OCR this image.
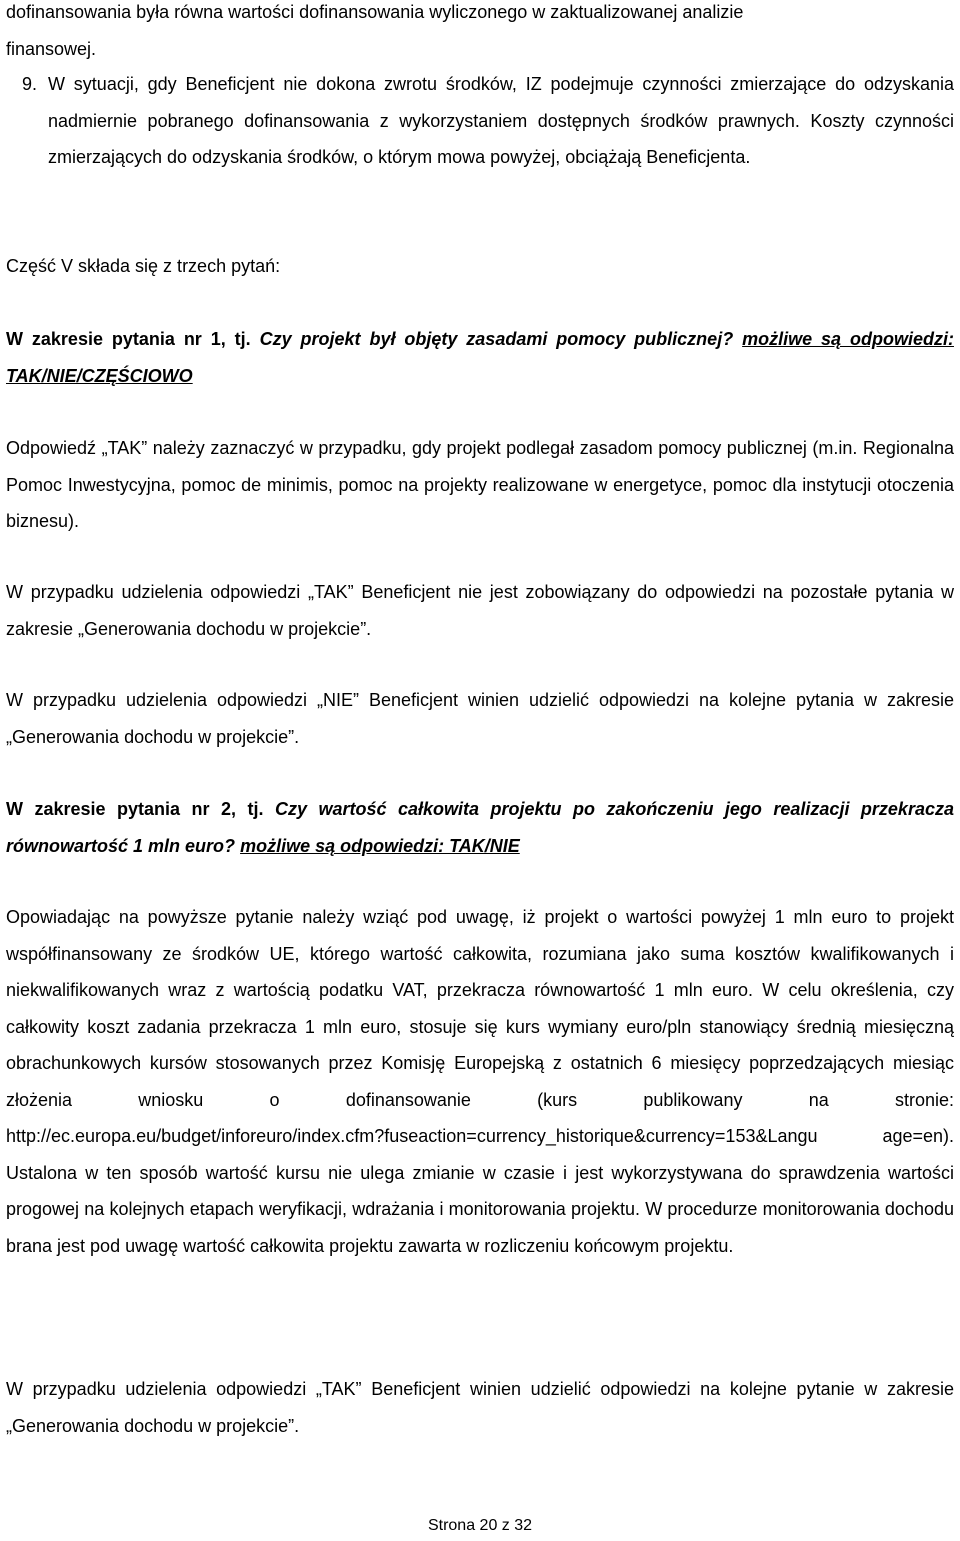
dofinansowania była równa wartości dofinansowania wyliczonego w zaktualizowanej analizie
finansowej.
9. W sytuacji, gdy Beneficjent nie dokona zwrotu środków, IZ podejmuje czynności zmierzające do odzyskania nadmiernie pobranego dofinansowania z wykorzystaniem dostępnych środków prawnych. Koszty czynności zmierzających do odzyskania środków, o którym mowa powyżej, obciążają Beneficjenta.
Część V składa się z trzech pytań:
W zakresie pytania nr 1, tj. Czy projekt był objęty zasadami pomocy publicznej? możliwe są odpowiedzi: TAK/NIE/CZĘŚCIOWO
Odpowiedź „TAK” należy zaznaczyć w przypadku, gdy projekt podlegał zasadom pomocy publicznej (m.in. Regionalna Pomoc Inwestycyjna, pomoc de minimis, pomoc na projekty realizowane w energetyce, pomoc dla instytucji otoczenia biznesu).
W przypadku udzielenia odpowiedzi „TAK” Beneficjent nie jest zobowiązany do odpowiedzi na pozostałe pytania w zakresie „Generowania dochodu w projekcie”.
W przypadku udzielenia odpowiedzi „NIE” Beneficjent winien udzielić odpowiedzi na kolejne pytania w zakresie „Generowania dochodu w projekcie”.
W zakresie pytania nr 2, tj. Czy wartość całkowita projektu po zakończeniu jego realizacji przekracza równowartość 1 mln euro? możliwe są odpowiedzi: TAK/NIE
Opowiadając na powyższe pytanie należy wziąć pod uwagę, iż projekt o wartości powyżej 1 mln euro to projekt współfinansowany ze środków UE, którego wartość całkowita, rozumiana jako suma kosztów kwalifikowanych i niekwalifikowanych wraz z wartością podatku VAT, przekracza równowartość 1 mln euro. W celu określenia, czy całkowity koszt zadania przekracza 1 mln euro, stosuje się kurs wymiany euro/pln stanowiący średnią miesięczną obrachunkowych kursów stosowanych przez Komisję Europejską z ostatnich 6 miesięcy poprzedzających miesiąc złożenia wniosku o dofinansowanie (kurs publikowany na stronie: http://ec.europa.eu/budget/inforeuro/index.cfm?fuseaction=currency_historique&currency=153&Langu	age=en). Ustalona w ten sposób wartość kursu nie ulega zmianie w czasie i jest wykorzystywana do sprawdzenia wartości progowej na kolejnych etapach weryfikacji, wdrażania i monitorowania projektu. W procedurze monitorowania dochodu brana jest pod uwagę wartość całkowita projektu zawarta w rozliczeniu końcowym projektu.
W przypadku udzielenia odpowiedzi „TAK” Beneficjent winien udzielić odpowiedzi na kolejne pytanie w zakresie „Generowania dochodu w projekcie”.
Strona 20 z 32
